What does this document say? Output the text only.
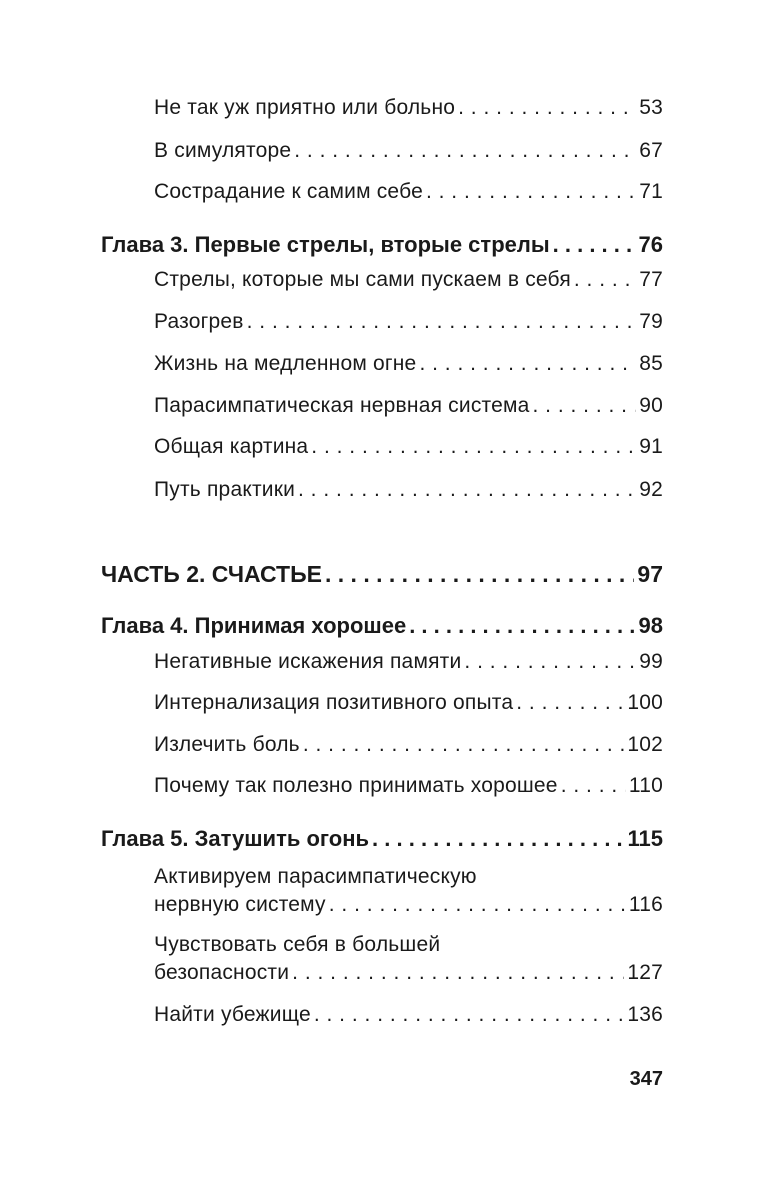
Не так уж приятно или больно . . .	53
В симуляторе . . .	67
Сострадание к самим себе . . .	71
Глава 3. Первые стрелы, вторые стрелы . . .	76
Стрелы, которые мы сами пускаем в себя . . .	77
Разогрев . . .	79
Жизнь на медленном огне . . .	85
Парасимпатическая нервная система . . .	90
Общая картина . . .	91
Путь практики . . .	92
ЧАСТЬ 2. СЧАСТЬЕ . . .	97
Глава 4. Принимая хорошее . . .	98
Негативные искажения памяти . . .	99
Интернализация позитивного опыта . . .	100
Излечить боль . . .	102
Почему так полезно принимать хорошее . . .	110
Глава 5. Затушить огонь . . .	115
Активируем парасимпатическую
нервную систему . . .	116
Чувствовать себя в большей
безопасности . . .	127
Найти убежище . . .	136
347
